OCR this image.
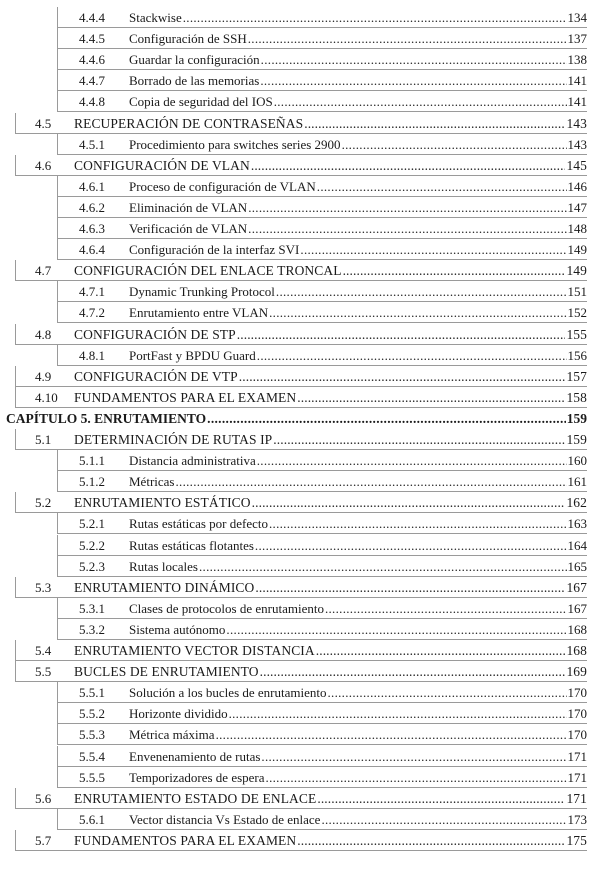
4.4.4 Stackwise .....	134
4.4.5 Configuración de SSH .....	137
4.4.6 Guardar la configuración .....	138
4.4.7 Borrado de las memorias .....	141
4.4.8 Copia de seguridad del IOS .....	141
4.5 RECUPERACIÓN DE CONTRASEÑAS .....	143
4.5.1 Procedimiento para switches series 2900 .....	143
4.6 CONFIGURACIÓN DE VLAN .....	145
4.6.1 Proceso de configuración de VLAN .....	146
4.6.2 Eliminación de VLAN .....	147
4.6.3 Verificación de VLAN .....	148
4.6.4 Configuración de la interfaz SVI .....	149
4.7 CONFIGURACIÓN DEL ENLACE TRONCAL .....	149
4.7.1 Dynamic Trunking Protocol .....	151
4.7.2 Enrutamiento entre VLAN .....	152
4.8 CONFIGURACIÓN DE STP .....	155
4.8.1 PortFast y BPDU Guard .....	156
4.9 CONFIGURACIÓN DE VTP .....	157
4.10 FUNDAMENTOS PARA EL EXAMEN .....	158
CAPÍTULO 5. ENRUTAMIENTO .....	159
5.1 DETERMINACIÓN DE RUTAS IP .....	159
5.1.1 Distancia administrativa .....	160
5.1.2 Métricas .....	161
5.2 ENRUTAMIENTO ESTÁTICO .....	162
5.2.1 Rutas estáticas por defecto .....	163
5.2.2 Rutas estáticas flotantes .....	164
5.2.3 Rutas locales .....	165
5.3 ENRUTAMIENTO DINÁMICO .....	167
5.3.1 Clases de protocolos de enrutamiento .....	167
5.3.2 Sistema autónomo .....	168
5.4 ENRUTAMIENTO VECTOR DISTANCIA .....	168
5.5 BUCLES DE ENRUTAMIENTO .....	169
5.5.1 Solución a los bucles de enrutamiento .....	170
5.5.2 Horizonte dividido .....	170
5.5.3 Métrica máxima .....	170
5.5.4 Envenenamiento de rutas .....	171
5.5.5 Temporizadores de espera .....	171
5.6 ENRUTAMIENTO ESTADO DE ENLACE .....	171
5.6.1 Vector distancia Vs Estado de enlace .....	173
5.7 FUNDAMENTOS PARA EL EXAMEN .....	175
